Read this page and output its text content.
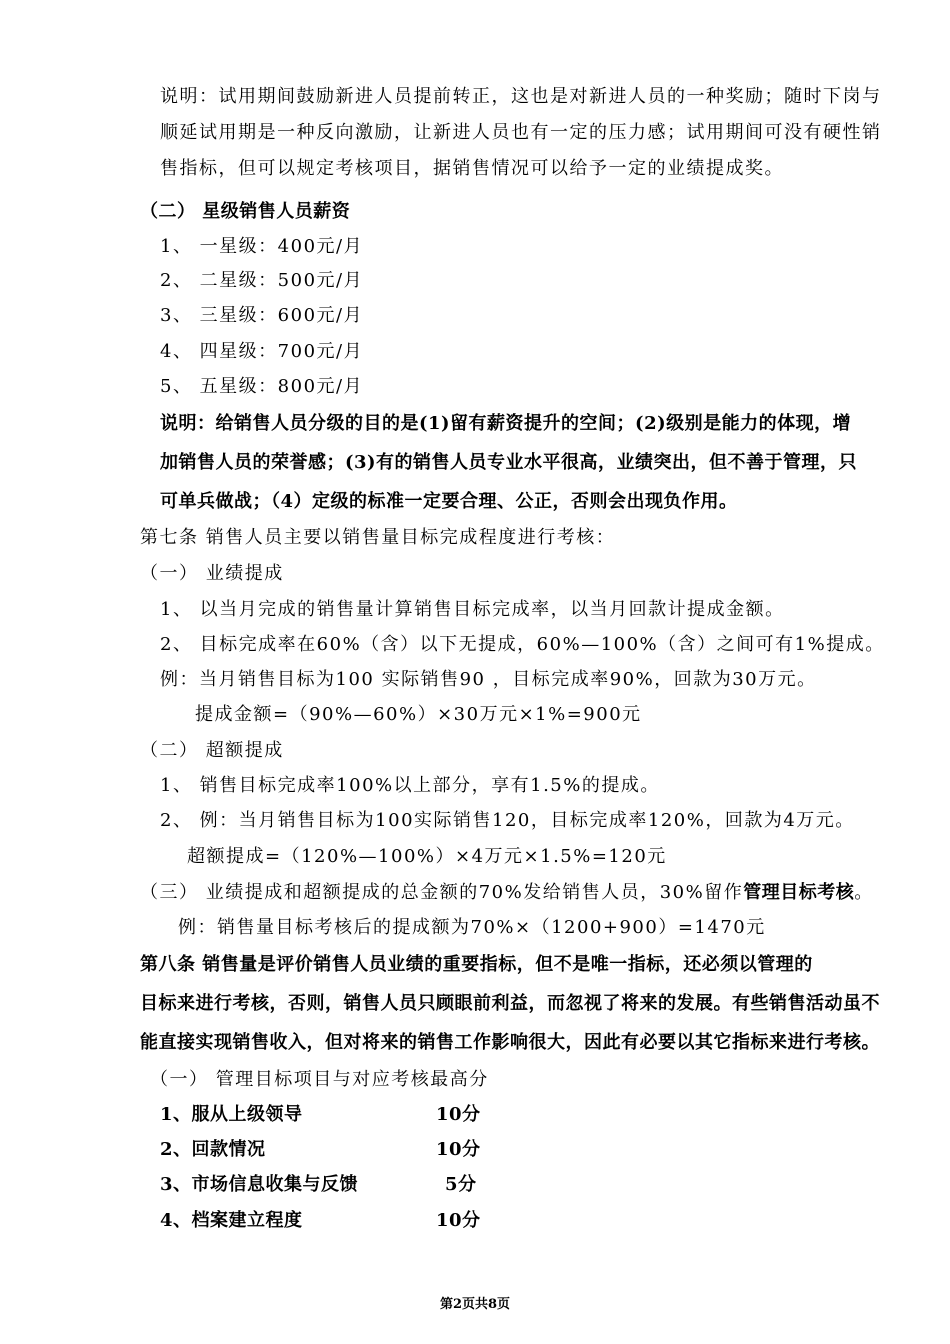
说明：试用期间鼓励新进人员提前转正，这也是对新进人员的一种奖励；随时下岗与
顺延试用期是一种反向激励，让新进人员也有一定的压力感；试用期间可没有硬性销
售指标，但可以规定考核项目，据销售情况可以给予一定的业绩提成奖。
（二） 星级销售人员薪资
1、 一星级：400元/月
2、 二星级：500元/月
3、 三星级：600元/月
4、 四星级：700元/月
5、 五星级：800元/月
说明：给销售人员分级的目的是(1)留有薪资提升的空间；(2)级别是能力的体现，增
加销售人员的荣誉感；(3)有的销售人员专业水平很高，业绩突出，但不善于管理，只
可单兵做战；（4）定级的标准一定要合理、公正，否则会出现负作用。
第七条 销售人员主要以销售量目标完成程度进行考核：
（一） 业绩提成
1、 以当月完成的销售量计算销售目标完成率，以当月回款计提成金额。
2、 目标完成率在60%（含）以下无提成，60%—100%（含）之间可有1%提成。
例：当月销售目标为100 实际销售90 ，目标完成率90%，回款为30万元。
提成金额=（90%—60%）×30万元×1%=900元
（二） 超额提成
1、 销售目标完成率100%以上部分，享有1.5%的提成。
2、 例：当月销售目标为100实际销售120，目标完成率120%，回款为4万元。
超额提成=（120%—100%）×4万元×1.5%=120元
（三） 业绩提成和超额提成的总金额的70%发给销售人员，30%留作管理目标考核。
例：销售量目标考核后的提成额为70%×（1200+900）=1470元
第八条 销售量是评价销售人员业绩的重要指标，但不是唯一指标，还必须以管理的
目标来进行考核，否则，销售人员只顾眼前利益，而忽视了将来的发展。有些销售活动虽不
能直接实现销售收入，但对将来的销售工作影响很大，因此有必要以其它指标来进行考核。
（一） 管理目标项目与对应考核最高分
1、服从上级领导	10分
2、回款情况	10分
3、市场信息收集与反馈	5分
4、档案建立程度	10分
第2页共8页
